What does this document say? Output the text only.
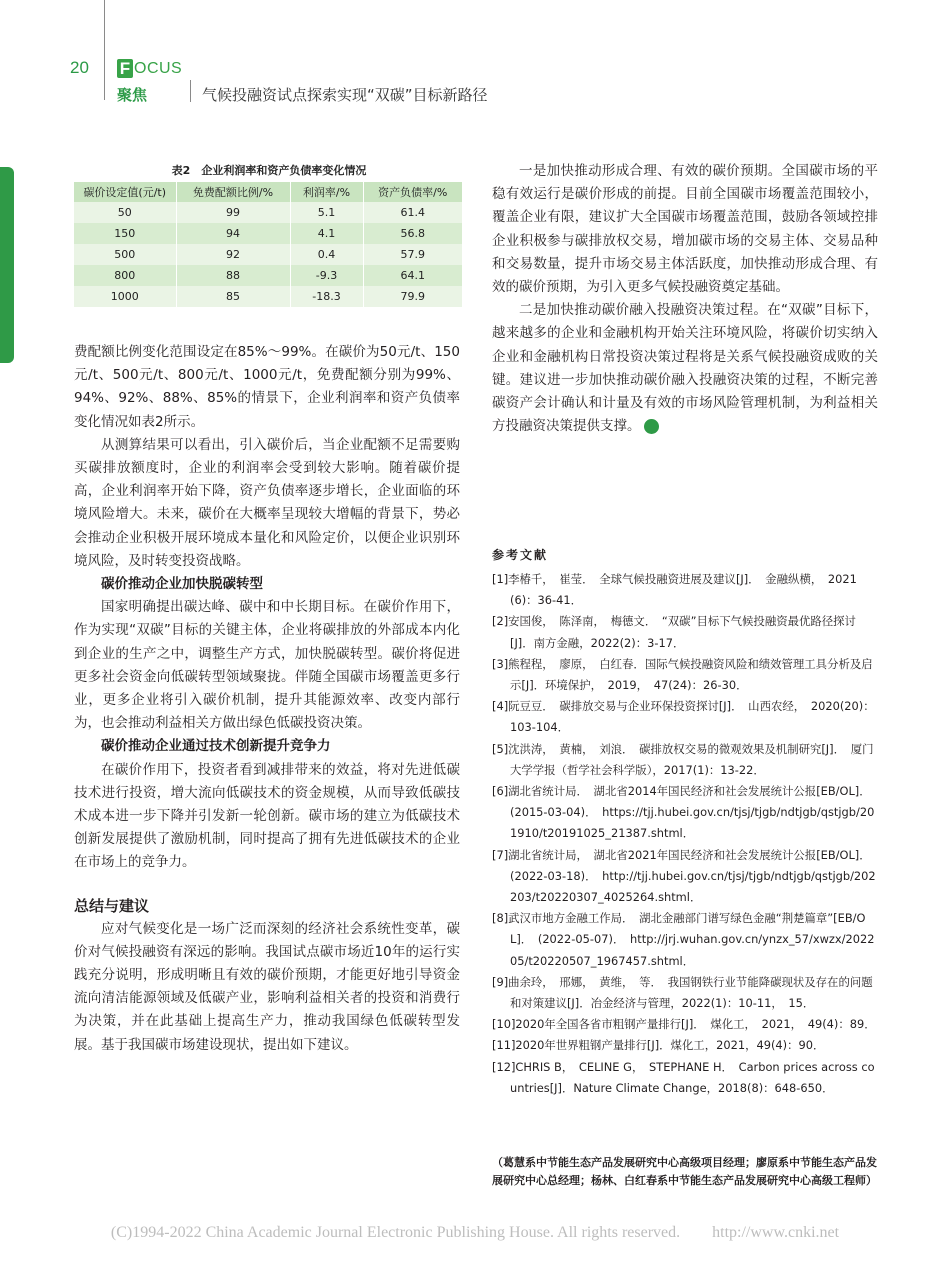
20 F OCUS
聚焦	气候投融资试点探索实现“双碳”目标新路径
表2　企业利润率和资产负债率变化情况
碳价设定值(元/t)	免费配额比例/%	利润率/%	资产负债率/%
50	99	5.1	61.4
150	94	4.1	56.8
500	92	0.4	57.9
800	88	-9.3	64.1
1000	85	-18.3	79.9

费配额比例变化范围设定在85%～99%。在碳价为50元/t、150元/t、500元/t、800元/t、1000元/t，免费配额分别为99%、94%、92%、88%、85%的情景下，企业利润率和资产负债率变化情况如表2所示。

从测算结果可以看出，引入碳价后，当企业配额不足需要购买碳排放额度时，企业的利润率会受到较大影响。随着碳价提高，企业利润率开始下降，资产负债率逐步增长，企业面临的环境风险增大。未来，碳价在大概率呈现较大增幅的背景下，势必会推动企业积极开展环境成本量化和风险定价，以便企业识别环境风险，及时转变投资战略。

碳价推动企业加快脱碳转型

国家明确提出碳达峰、碳中和中长期目标。在碳价作用下，作为实现“双碳”目标的关键主体，企业将碳排放的外部成本内化到企业的生产之中，调整生产方式，加快脱碳转型。碳价将促进更多社会资金向低碳转型领域聚拢。伴随全国碳市场覆盖更多行业，更多企业将引入碳价机制，提升其能源效率、改变内部行为，也会推动利益相关方做出绿色低碳投资决策。

碳价推动企业通过技术创新提升竞争力

在碳价作用下，投资者看到减排带来的效益，将对先进低碳技术进行投资，增大流向低碳技术的资金规模，从而导致低碳技术成本进一步下降并引发新一轮创新。碳市场的建立为低碳技术创新发展提供了激励机制，同时提高了拥有先进低碳技术的企业在市场上的竞争力。

总结与建议

应对气候变化是一场广泛而深刻的经济社会系统性变革，碳价对气候投融资有深远的影响。我国试点碳市场近10年的运行实践充分说明，形成明晰且有效的碳价预期，才能更好地引导资金流向清洁能源领域及低碳产业，影响利益相关者的投资和消费行为决策，并在此基础上提高生产力，推动我国绿色低碳转型发展。基于我国碳市场建设现状，提出如下建议。

一是加快推动形成合理、有效的碳价预期。全国碳市场的平稳有效运行是碳价形成的前提。目前全国碳市场覆盖范围较小，覆盖企业有限，建议扩大全国碳市场覆盖范围，鼓励各领域控排企业积极参与碳排放权交易，增加碳市场的交易主体、交易品种和交易数量，提升市场交易主体活跃度，加快推动形成合理、有效的碳价预期，为引入更多气候投融资奠定基础。

二是加快推动碳价融入投融资决策过程。在“双碳”目标下，越来越多的企业和金融机构开始关注环境风险，将碳价切实纳入企业和金融机构日常投资决策过程将是关系气候投融资成败的关键。建议进一步加快推动碳价融入投融资决策的过程，不断完善碳资产会计确认和计量及有效的市场风险管理机制，为利益相关方投融资决策提供支撑。	HB

参考文献

[1]李椿千，　崔莹．　全球气候投融资进展及建议[J]．　金融纵横，　2021(6)：36-41．

[2]安国俊，　陈泽南，　梅德文．　“双碳”目标下气候投融资最优路径探讨[J]．南方金融，2022(2)：3-17．

[3]熊程程，　廖原，　白红春．国际气候投融资风险和绩效管理工具分析及启示[J]．环境保护，　2019，　47(24)：26-30．

[4]阮豆豆．　碳排放交易与企业环保投资探讨[J]．　山西农经，　2020(20)：103-104．

[5]沈洪涛，　黄楠，　刘浪．　碳排放权交易的微观效果及机制研究[J]．　厦门大学学报（哲学社会科学版），2017(1)：13-22．

[6]湖北省统计局．　湖北省2014年国民经济和社会发展统计公报[EB/OL]．　(2015-03-04)．　https://tjj.hubei.gov.cn/tjsj/tjgb/ndtjgb/qstjgb/201910/t20191025_21387.shtml．

[7]湖北省统计局，　湖北省2021年国民经济和社会发展统计公报[EB/OL]．　(2022-03-18)．　http://tjj.hubei.gov.cn/tjsj/tjgb/ndtjgb/qstjgb/202203/t20220307_4025264.shtml．

[8]武汉市地方金融工作局．　湖北金融部门谱写绿色金融“荆楚篇章”[EB/OL]．　(2022-05-07)．　http://jrj.wuhan.gov.cn/ynzx_57/xwzx/202205/t20220507_1967457.shtml．

[9]曲余玲，　邢娜，　黄维，　等．　我国钢铁行业节能降碳现状及存在的问题和对策建议[J]．冶金经济与管理，2022(1)：10-11，　15．

[10]2020年全国各省市粗钢产量排行[J]．　煤化工，　2021，　49(4)：89．

[11]2020年世界粗钢产量排行[J]．煤化工，2021，49(4)：90．

[12]CHRIS B，　CELINE G，　STEPHANE H．　Carbon prices across countries[J]．Nature Climate Change，2018(8)：648-650．

（葛慧系中节能生态产品发展研究中心高级项目经理；廖原系中节能生态产品发展研究中心总经理；杨林、白红春系中节能生态产品发展研究中心高级工程师）
(C)1994-2022 China Academic Journal Electronic Publishing House. All rights reserved.　　http://www.cnki.net
